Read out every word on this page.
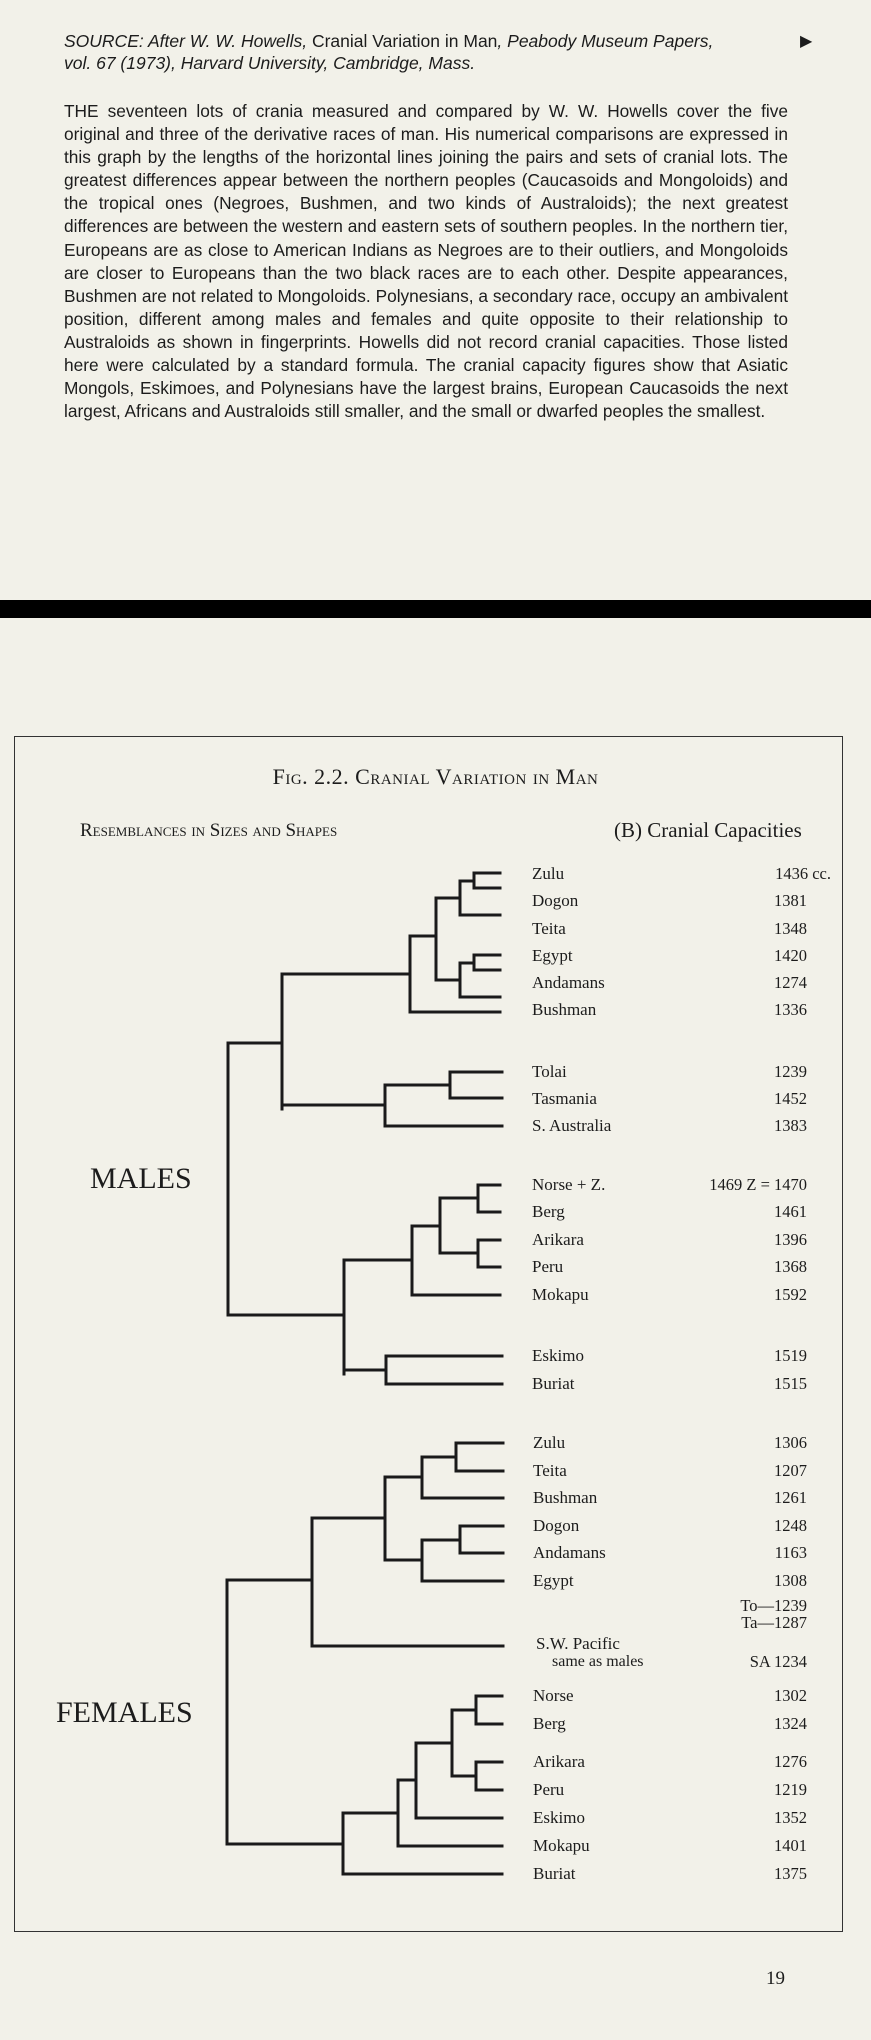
SOURCE: After W. W. Howells, Cranial Variation in Man, Peabody Museum Papers,
vol. 67 (1973), Harvard University, Cambridge, Mass.
▶
THE seventeen lots of crania measured and compared by W. W. Howells cover the five original and three of the derivative races of man. His numerical comparisons are expressed in this graph by the lengths of the horizontal lines joining the pairs and sets of cranial lots. The greatest differences appear between the northern peoples (Caucasoids and Mongoloids) and the tropical ones (Negroes, Bushmen, and two kinds of Australoids); the next greatest differences are between the western and eastern sets of southern peoples. In the northern tier, Europeans are as close to American Indians as Negroes are to their outliers, and Mongoloids are closer to Europeans than the two black races are to each other. Despite appearances, Bushmen are not related to Mongoloids. Polynesians, a secondary race, occupy an ambivalent position, different among males and females and quite opposite to their relationship to Australoids as shown in fingerprints. Howells did not record cranial capacities. Those listed here were calculated by a standard formula. The cranial capacity figures show that Asiatic Mongols, Eskimoes, and Polynesians have the largest brains, European Caucasoids the next largest, Africans and Australoids still smaller, and the small or dwarfed peoples the smallest.
Fig. 2.2. Cranial Variation in Man
Resemblances in Sizes and Shapes	(B) Cranial Capacities
MALES
FEMALES
Zulu	1436 cc.
Dogon	1381
Teita	1348
Egypt	1420
Andamans	1274
Bushman	1336
Tolai	1239
Tasmania	1452
S. Australia	1383
Norse + Z.	1469 Z = 1470
Berg	1461
Arikara	1396
Peru	1368
Mokapu	1592
Eskimo	1519
Buriat	1515
Zulu	1306
Teita	1207
Bushman	1261
Dogon	1248
Andamans	1163
Egypt	1308
To—1239
Ta—1287
S.W. Pacific
same as males	SA 1234
Norse	1302
Berg	1324
Arikara	1276
Peru	1219
Eskimo	1352
Mokapu	1401
Buriat	1375
19
